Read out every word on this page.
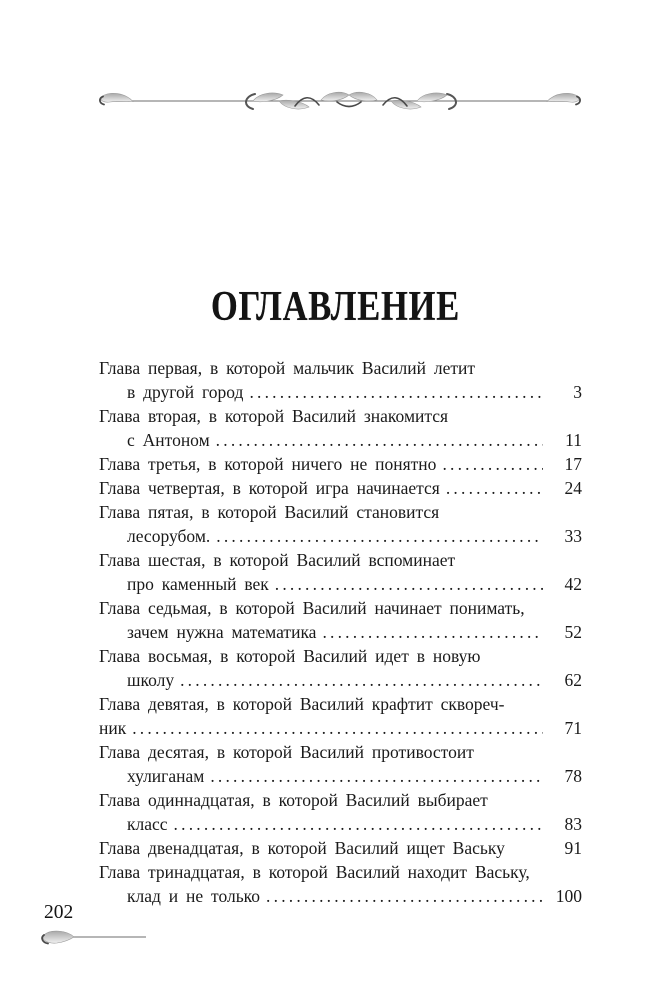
ОГЛАВЛЕНИЕ
Глава первая, в которой мальчик Василий летит
в другой город .....	3
Глава вторая, в которой Василий знакомится
с Антоном .....	11
Глава третья, в которой ничего не понятно .....	17
Глава четвертая, в которой игра начинается .....	24
Глава пятая, в которой Василий становится
лесорубом. .....	33
Глава шестая, в которой Василий вспоминает
про каменный век .....	42
Глава седьмая, в которой Василий начинает понимать,
зачем нужна математика .....	52
Глава восьмая, в которой Василий идет в новую
школу .....	62
Глава девятая, в которой Василий крафтит сквореч-
ник .....	71
Глава десятая, в которой Василий противостоит
хулиганам .....	78
Глава одиннадцатая, в которой Василий выбирает
класс .....	83
Глава двенадцатая, в которой Василий ищет Ваську	91
Глава тринадцатая, в которой Василий находит Ваську,
клад и не только .....	100
202
